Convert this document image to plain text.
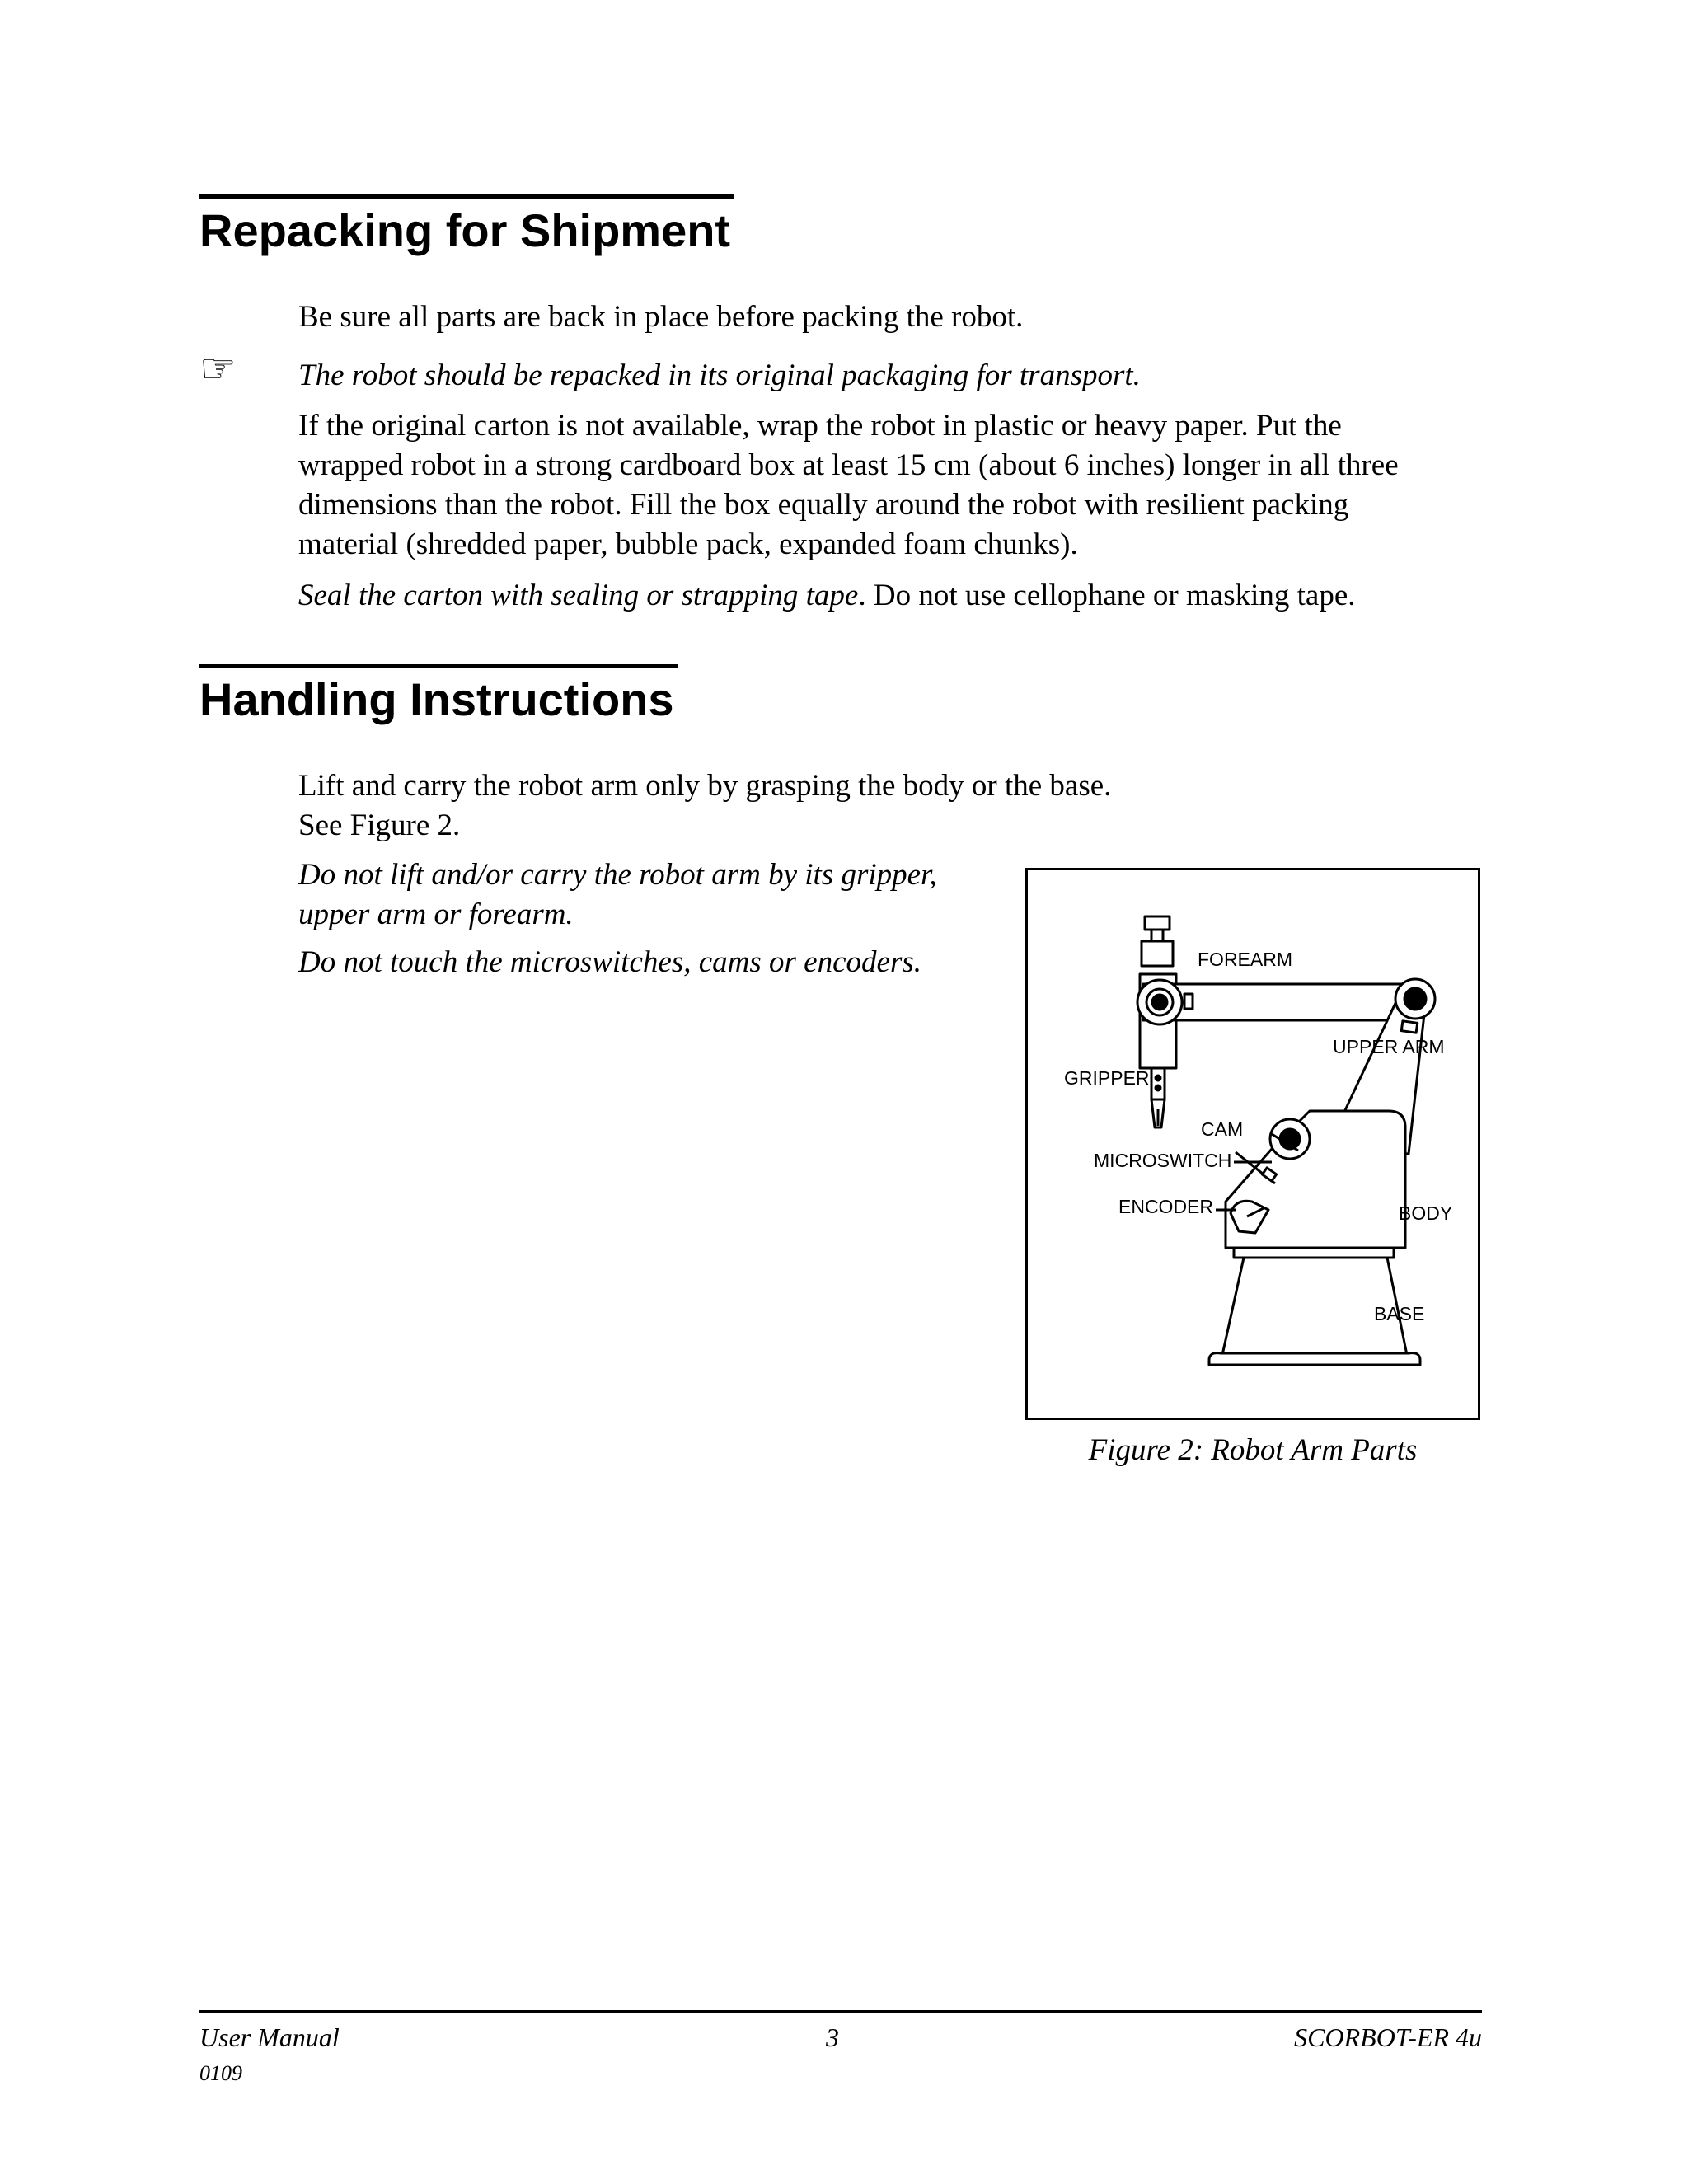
Repacking for Shipment

Be sure all parts are back in place before packing the robot.

☞ The robot should be repacked in its original packaging for transport.

If the original carton is not available, wrap the robot in plastic or heavy paper. Put the wrapped robot in a strong cardboard box at least 15 cm (about 6 inches) longer in all three dimensions than the robot. Fill the box equally around the robot with resilient packing material (shredded paper, bubble pack, expanded foam chunks).

Seal the carton with sealing or strapping tape. Do not use cellophane or masking tape.

Handling Instructions

Lift and carry the robot arm only by grasping the body or the base.

See Figure 2.

Do not lift and/or carry the robot arm by its gripper, upper arm or forearm.

Do not touch the microswitches, cams or encoders.	FOREARM
UPPER ARM
GRIPPER
CAM
MICROSWITCH
ENCODER	BODY
BASE

Figure 2: Robot Arm Parts

User Manual	3	SCORBOT-ER 4u

0109
